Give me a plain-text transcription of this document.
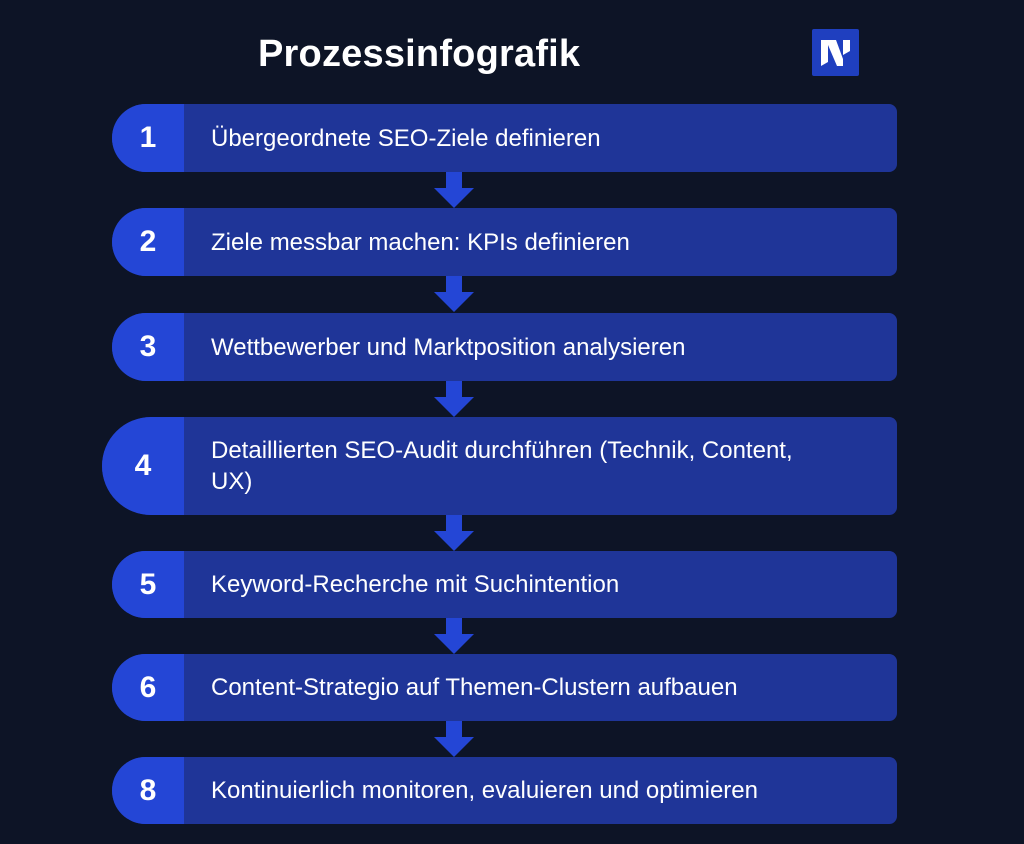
Prozessinfografik
1	Übergeordnete SEO-Ziele definieren
2	Ziele messbar machen: KPIs definieren
3	Wettbewerber und Marktposition analysieren
4	Detaillierten SEO-Audit durchführen (Technik, Content, UX)
5	Keyword-Recherche mit Suchintention
6	Content-Strategio auf Themen-Clustern aufbauen
8	Kontinuierlich monitoren, evaluieren und optimieren
